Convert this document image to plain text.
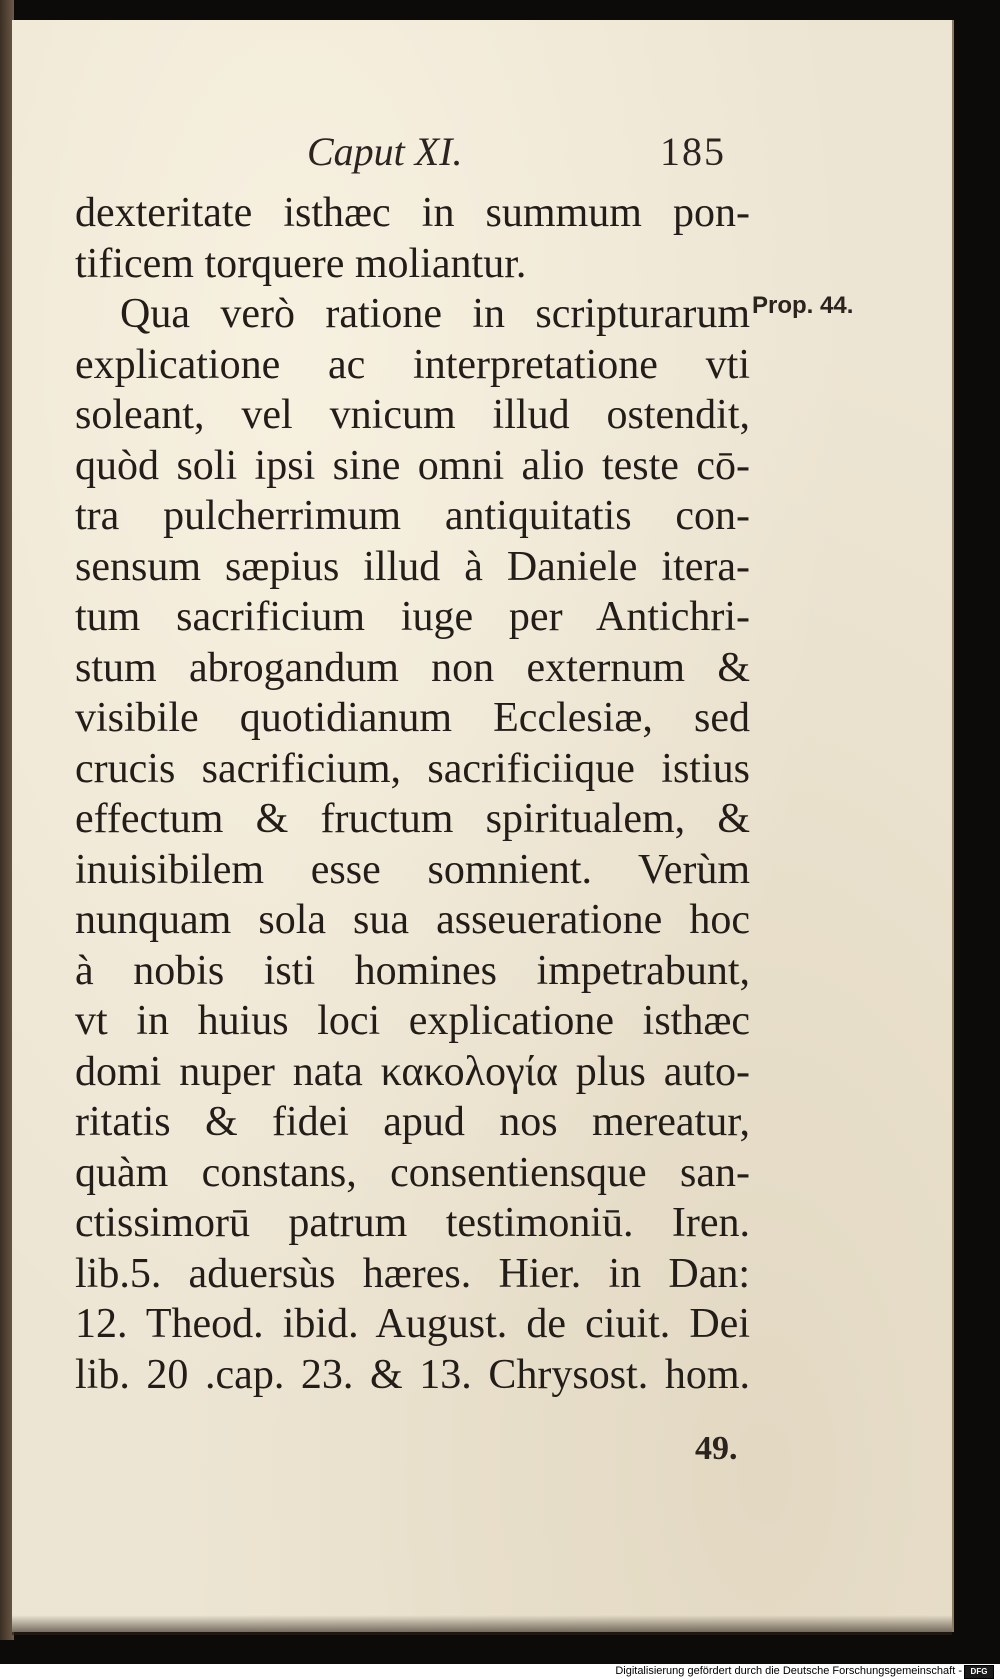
Caput XI.	185
Prop. 44.
dexteritate isthæc in summum pon-
tificem torquere moliantur.
Qua verò ratione in scripturarum
explicatione ac interpretatione vti
soleant, vel vnicum illud ostendit,
quòd soli ipsi sine omni alio teste cō-
tra pulcherrimum antiquitatis con-
sensum sæpius illud à Daniele itera-
tum sacrificium iuge per Antichri-
stum abrogandum non externum &
visibile quotidianum Ecclesiæ, sed
crucis sacrificium, sacrificiique istius
effectum & fructum spiritualem, &
inuisibilem esse somnient. Verùm
nunquam sola sua asseueratione hoc
à nobis isti homines impetrabunt,
vt in huius loci explicatione isthæc
domi nuper nata κακολογία plus auto-
ritatis & fidei apud nos mereatur,
quàm constans, consentiensque san-
ctissimorū patrum testimoniū. Iren.
lib.5. aduersùs hæres. Hier. in Dan:
12. Theod. ibid. August. de ciuit. Dei
lib. 20 .cap. 23. & 13. Chrysost. hom.
49.
Digitalisierung gefördert durch die Deutsche Forschungsgemeinschaft -	DFG
